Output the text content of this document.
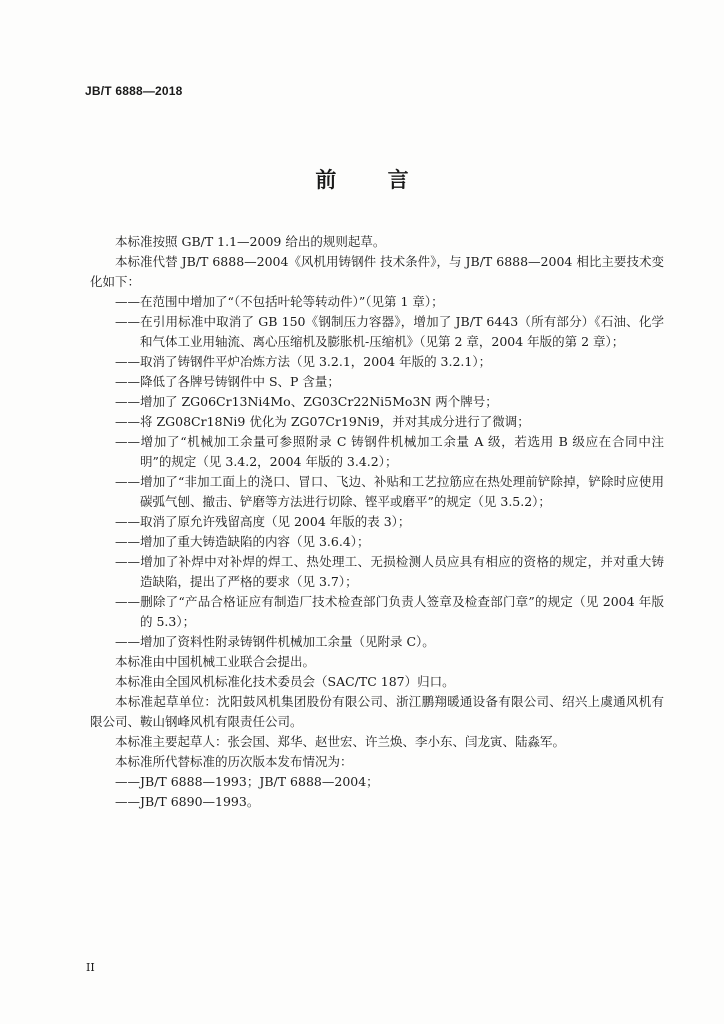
JB/T 6888—2018
前 言

本标准按照 GB/T 1.1—2009 给出的规则起草。

本标准代替 JB/T 6888—2004《风机用铸钢件 技术条件》，与 JB/T 6888—2004 相比主要技术变化如下：

——在范围中增加了“（不包括叶轮等转动件）”（见第 1 章）；

——在引用标准中取消了 GB 150《钢制压力容器》，增加了 JB/T 6443（所有部分）《石油、化学和气体工业用轴流、离心压缩机及膨胀机-压缩机》（见第 2 章，2004 年版的第 2 章）；

——取消了铸钢件平炉冶炼方法（见 3.2.1，2004 年版的 3.2.1）；

——降低了各牌号铸钢件中 S、P 含量；

——增加了 ZG06Cr13Ni4Mo、ZG03Cr22Ni5Mo3N 两个牌号；

——将 ZG08Cr18Ni9 优化为 ZG07Cr19Ni9，并对其成分进行了微调；

——增加了“机械加工余量可参照附录 C 铸钢件机械加工余量 A 级，若选用 B 级应在合同中注明”的规定（见 3.4.2，2004 年版的 3.4.2）；

——增加了“非加工面上的浇口、冒口、飞边、补贴和工艺拉筋应在热处理前铲除掉，铲除时应使用碳弧气刨、撤击、铲磨等方法进行切除、铿平或磨平”的规定（见 3.5.2）；

——取消了原允许残留高度（见 2004 年版的表 3）；

——增加了重大铸造缺陷的内容（见 3.6.4）；

——增加了补焊中对补焊的焊工、热处理工、无损检测人员应具有相应的资格的规定，并对重大铸造缺陷，提出了严格的要求（见 3.7）；

——删除了“产品合格证应有制造厂技术检查部门负责人签章及检查部门章”的规定（见 2004 年版的 5.3）；

——增加了资料性附录铸钢件机械加工余量（见附录 C）。

本标准由中国机械工业联合会提出。

本标准由全国风机标准化技术委员会（SAC/TC 187）归口。

本标准起草单位：沈阳鼓风机集团股份有限公司、浙江鹏翔暖通设备有限公司、绍兴上虞通风机有限公司、鞍山钢峰风机有限责任公司。

本标准主要起草人：张会国、郑华、赵世宏、许兰焕、李小东、闫龙寅、陆淼军。

本标准所代替标准的历次版本发布情况为：

——JB/T 6888—1993；JB/T 6888—2004；

——JB/T 6890—1993。

II
